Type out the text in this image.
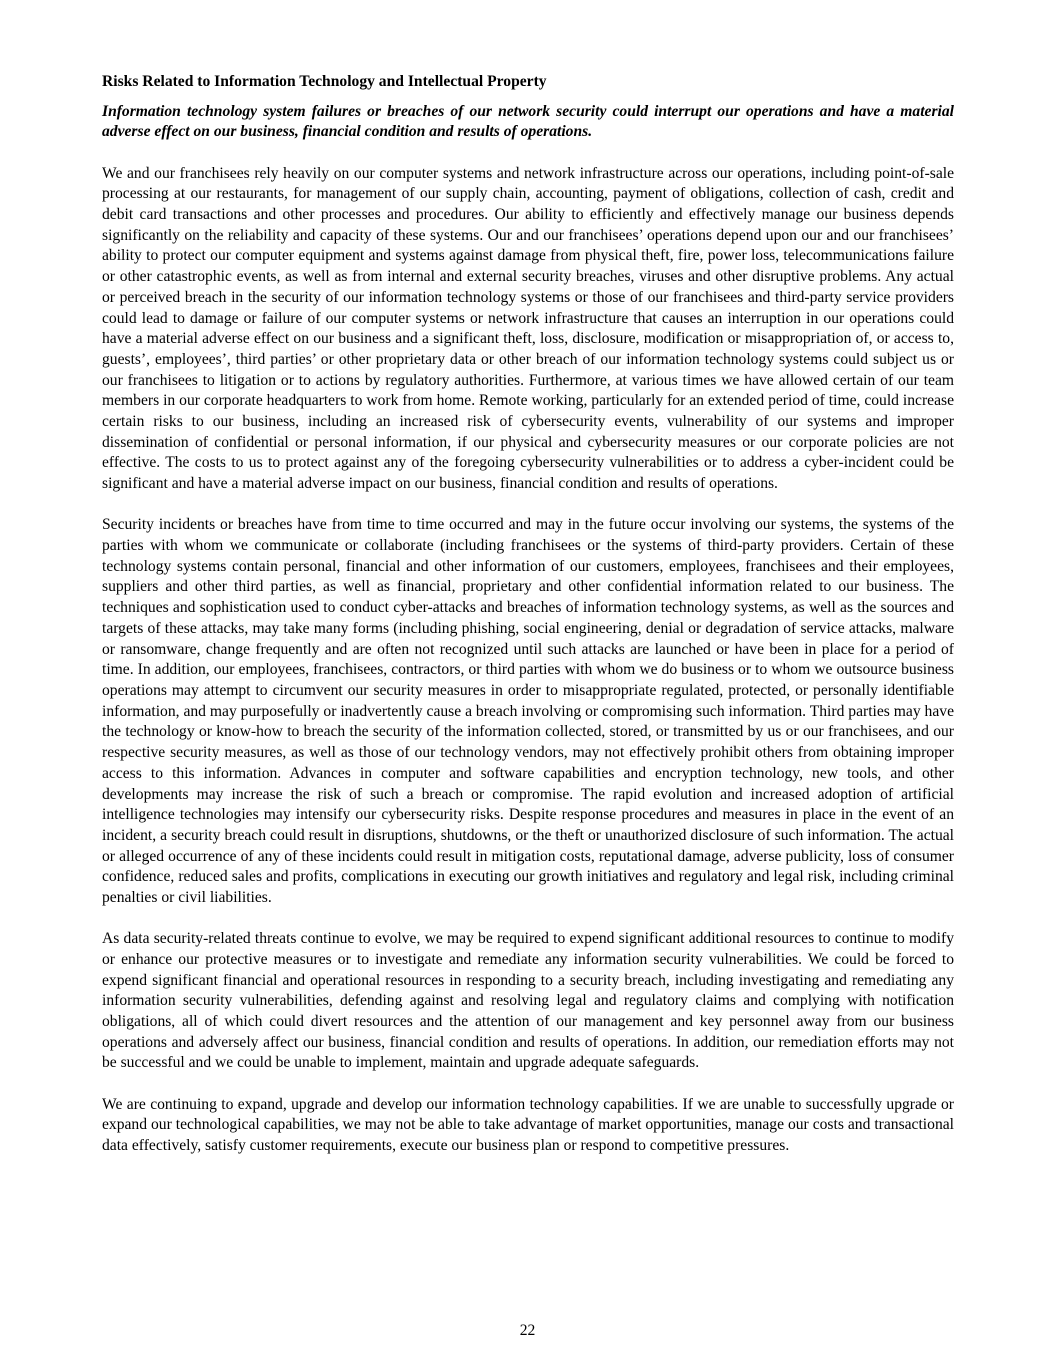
Risks Related to Information Technology and Intellectual Property
Information technology system failures or breaches of our network security could interrupt our operations and have a material adverse effect on our business, financial condition and results of operations.

We and our franchisees rely heavily on our computer systems and network infrastructure across our operations, including point-of-sale processing at our restaurants, for management of our supply chain, accounting, payment of obligations, collection of cash, credit and debit card transactions and other processes and procedures. Our ability to efficiently and effectively manage our business depends significantly on the reliability and capacity of these systems. Our and our franchisees’ operations depend upon our and our franchisees’ ability to protect our computer equipment and systems against damage from physical theft, fire, power loss, telecommunications failure or other catastrophic events, as well as from internal and external security breaches, viruses and other disruptive problems. Any actual or perceived breach in the security of our information technology systems or those of our franchisees and third-party service providers could lead to damage or failure of our computer systems or network infrastructure that causes an interruption in our operations could have a material adverse effect on our business and a significant theft, loss, disclosure, modification or misappropriation of, or access to, guests’, employees’, third parties’ or other proprietary data or other breach of our information technology systems could subject us or our franchisees to litigation or to actions by regulatory authorities. Furthermore, at various times we have allowed certain of our team members in our corporate headquarters to work from home. Remote working, particularly for an extended period of time, could increase certain risks to our business, including an increased risk of cybersecurity events, vulnerability of our systems and improper dissemination of confidential or personal information, if our physical and cybersecurity measures or our corporate policies are not effective. The costs to us to protect against any of the foregoing cybersecurity vulnerabilities or to address a cyber-incident could be significant and have a material adverse impact on our business, financial condition and results of operations.

Security incidents or breaches have from time to time occurred and may in the future occur involving our systems, the systems of the parties with whom we communicate or collaborate (including franchisees or the systems of third-party providers. Certain of these technology systems contain personal, financial and other information of our customers, employees, franchisees and their employees, suppliers and other third parties, as well as financial, proprietary and other confidential information related to our business. The techniques and sophistication used to conduct cyber-attacks and breaches of information technology systems, as well as the sources and targets of these attacks, may take many forms (including phishing, social engineering, denial or degradation of service attacks, malware or ransomware, change frequently and are often not recognized until such attacks are launched or have been in place for a period of time. In addition, our employees, franchisees, contractors, or third parties with whom we do business or to whom we outsource business operations may attempt to circumvent our security measures in order to misappropriate regulated, protected, or personally identifiable information, and may purposefully or inadvertently cause a breach involving or compromising such information. Third parties may have the technology or know-how to breach the security of the information collected, stored, or transmitted by us or our franchisees, and our respective security measures, as well as those of our technology vendors, may not effectively prohibit others from obtaining improper access to this information. Advances in computer and software capabilities and encryption technology, new tools, and other developments may increase the risk of such a breach or compromise. The rapid evolution and increased adoption of artificial intelligence technologies may intensify our cybersecurity risks. Despite response procedures and measures in place in the event of an incident, a security breach could result in disruptions, shutdowns, or the theft or unauthorized disclosure of such information. The actual or alleged occurrence of any of these incidents could result in mitigation costs, reputational damage, adverse publicity, loss of consumer confidence, reduced sales and profits, complications in executing our growth initiatives and regulatory and legal risk, including criminal penalties or civil liabilities.

As data security-related threats continue to evolve, we may be required to expend significant additional resources to continue to modify or enhance our protective measures or to investigate and remediate any information security vulnerabilities. We could be forced to expend significant financial and operational resources in responding to a security breach, including investigating and remediating any information security vulnerabilities, defending against and resolving legal and regulatory claims and complying with notification obligations, all of which could divert resources and the attention of our management and key personnel away from our business operations and adversely affect our business, financial condition and results of operations. In addition, our remediation efforts may not be successful and we could be unable to implement, maintain and upgrade adequate safeguards.

We are continuing to expand, upgrade and develop our information technology capabilities. If we are unable to successfully upgrade or expand our technological capabilities, we may not be able to take advantage of market opportunities, manage our costs and transactional data effectively, satisfy customer requirements, execute our business plan or respond to competitive pressures.

22
